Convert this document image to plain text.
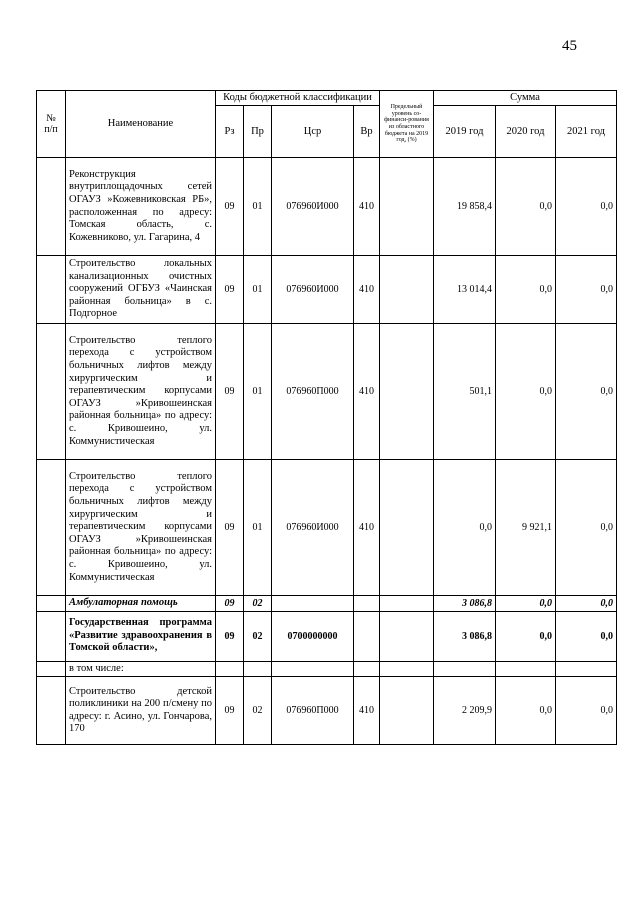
45
№
п/п	Наименование	Коды бюджетной классификации				Предельный уровень со-финанси-рования из областного бюджета на 2019 год, (%)	Сумма		
		Рз	Пр	Цср	Вр		2019 год	2020 год	2021 год
	Реконструкция внутриплощадочных сетей ОГАУЗ »Кожевниковская РБ», расположенная по адресу: Томская область, с. Кожевниково, ул. Гагарина, 4	09	01	076960И000	410		19 858,4	0,0	0,0
	Строительство локальных канализационных очистных сооружений ОГБУЗ «Чаинская районная больница» в с. Подгорное	09	01	076960И000	410		13 014,4	0,0	0,0
	Строительство теплого перехода с устройством больничных лифтов между хирургическим и терапевтическим корпусами ОГАУЗ »Кривошеинская районная больница» по адресу: с. Кривошеино, ул. Коммунистическая	09	01	076960П000	410		501,1	0,0	0,0
	Строительство теплого перехода с устройством больничных лифтов между хирургическим и терапевтическим корпусами ОГАУЗ »Кривошеинская районная больница» по адресу: с. Кривошеино, ул. Коммунистическая	09	01	076960И000	410		0,0	9 921,1	0,0
	Амбулаторная помощь	09	02				3 086,8	0,0	0,0
	Государственная программа «Развитие здравоохранения в Томской области»,	09	02	0700000000			3 086,8	0,0	0,0
	в том числе:								
	Строительство детской поликлиники на 200 п/смену по адресу: г. Асино, ул. Гончарова, 170	09	02	076960П000	410		2 209,9	0,0	0,0
